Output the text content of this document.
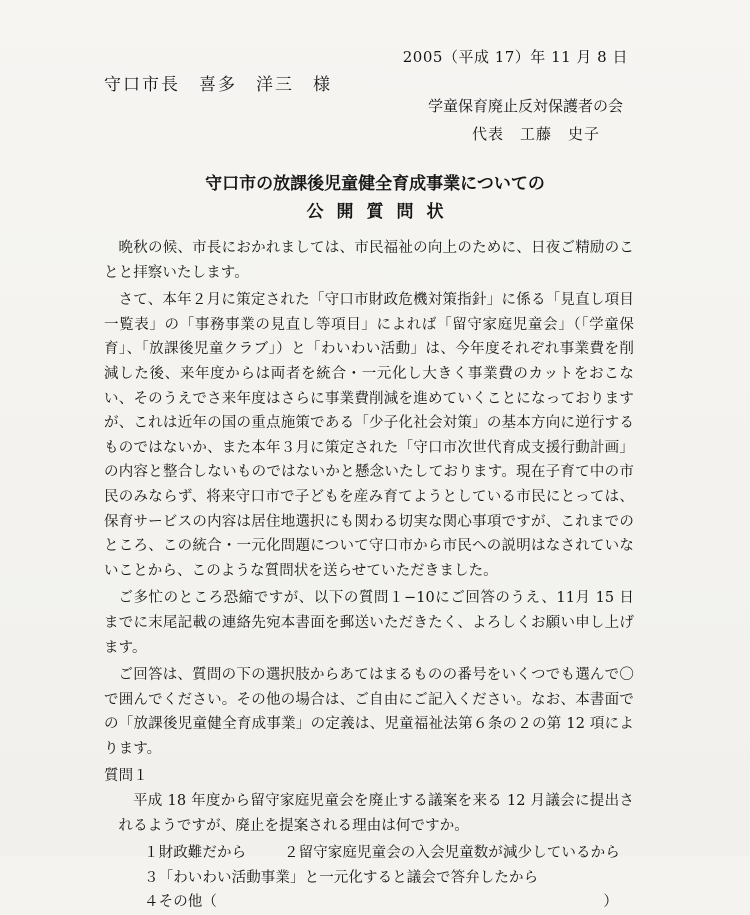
2005（平成 17）年 11 月 8 日
守口市長　喜多　洋三　様
学童保育廃止反対保護者の会
代表　工藤　史子
守口市の放課後児童健全育成事業についての
公開質問状

晩秋の候、市長におかれましては、市民福祉の向上のために、日夜ご精励のことと拝察いたします。

さて、本年２月に策定された「守口市財政危機対策指針」に係る「見直し項目一覧表」の「事務事業の見直し等項目」によれば「留守家庭児童会」（「学童保育」、「放課後児童クラブ」）と「わいわい活動」は、今年度それぞれ事業費を削減した後、来年度からは両者を統合・一元化し大きく事業費のカットをおこない、そのうえでさ来年度はさらに事業費削減を進めていくことになっておりますが、これは近年の国の重点施策である「少子化社会対策」の基本方向に逆行するものではないか、また本年３月に策定された「守口市次世代育成支援行動計画」の内容と整合しないものではないかと懸念いたしております。現在子育て中の市民のみならず、将来守口市で子どもを産み育てようとしている市民にとっては、保育サービスの内容は居住地選択にも関わる切実な関心事項ですが、これまでのところ、この統合・一元化問題について守口市から市民への説明はなされていないことから、このような質問状を送らせていただきました。

ご多忙のところ恐縮ですが、以下の質問１−10にご回答のうえ、11月 15 日までに末尾記載の連絡先宛本書面を郵送いただきたく、よろしくお願い申し上げます。

ご回答は、質問の下の選択肢からあてはまるものの番号をいくつでも選んで〇で囲んでください。その他の場合は、ご自由にご記入ください。なお、本書面での「放課後児童健全育成事業」の定義は、児童福祉法第６条の２の第 12 項によります。

質問１

平成 18 年度から留守家庭児童会を廃止する議案を来る 12 月議会に提出されるようですが、廃止を提案される理由は何ですか。

１財政難だから	２留守家庭児童会の入会児童数が減少しているから
３「わいわい活動事業」と一元化すると議会で答弁したから
４その他（	）
